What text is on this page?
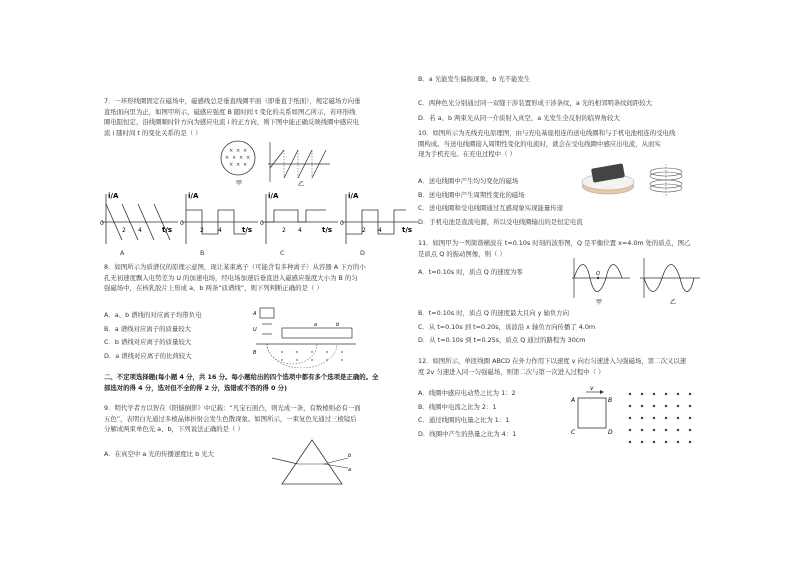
7．一环形线圈固定在磁场中，磁感线总是垂直线圈平面（即垂直于纸面），规定磁场方向垂
直纸面向里为正，如图甲所示，磁感应强度 B 随时间 t 变化的关系如图乙所示，若环形线
圈电阻恒定，沿线圈顺时针方向为感应电流 i 的正方向，则下图中能正确反映线圈中感应电
流 i 随时间 t 的变化关系的是（ ）
× × ×
× × × ×
× × ×
甲	乙
i/A
0
2 4	t/s
i/A
0
2 4	t/s
i/A
0
2 4	t/s
i/A
0
2 4	t/s
A	B	C	D
8．如图所示为质谱仪的原理示意图，现让某束离子（可能含有多种离子）从容器 A 下方的小
孔无初速度飘入电势差为 U 的加速电场，经电场加速后垂直进入磁感应强度大小为 B 的匀
强磁场中，在核乳胶片上形成 a、b 两条“质谱线”，则下列判断正确的是（ ）
A．a、b 谱线的对应离子均带负电
B．a 谱线对应离子的质量较大
C．b 谱线对应离子的质量较大
D．a 谱线对应离子的比荷较大
A
U
a	b
B
二、不定项选择题(每小题 4 分，共 16 分。每小题给出的四个选项中都有多个选项是正确的。全
部选对的得 4 分，选对但不全的得 2 分，选错或不答的得 0 分)
9．明代学者方以智在《阳燧倒影》中记载：“凡宝石面凸，则光成一条，有数棱则必有一面
五色”，表明白光通过多棱晶体折射会发生色散现象。如图所示，一束复色光通过三棱镜后
分解成两束单色光 a、b，下列说法正确的是（ ）
A．在真空中 a 光的传播速度比 b 光大	b
a
B．a 光能发生偏振现象，b 光不能发生
C．两种色光分别通过同一双缝干涉装置形成干涉条纹，a 光的相邻明条纹间距较大
D．若 a、b 两束光从同一介质射入真空，a 光发生全反射的临界角较大
10．如图所示为无线充电原理图，由与充电基座相连的送电线圈和与手机电池相连的受电线
圈构成。当送电线圈接入周期性变化的电流时，就会在受电线圈中感应出电流，从而实
现为手机充电。在充电过程中（ ）
A．送电线圈中产生均匀变化的磁场
B．送电线圈中产生周期性变化的磁场
C．送电线圈和受电线圈通过互感现象实现能量传递
D．手机电池是直流电源，所以受电线圈输出的是恒定电流
11．如图甲为一列简谐横波在 t=0.10s 时刻的波形图，Q 是平衡位置 x=4.0m 处的质点，图乙
是质点 Q 的振动图像，则（ ）
A．t=0.10s 时，质点 Q 的速度为零
B．t=0.10s 时，质点 Q 的速度最大且向 y 轴负方向
C．从 t=0.10s 到 t=0.20s，该波沿 x 轴负方向传播了 4.0m
D．从 t=0.10s 到 t=0.25s，质点 Q 通过的路程为 30cm
Q
甲	乙
12．如图所示，单匝线圈 ABCD 在外力作用下以速度 v 向右匀速进入匀强磁场，第二次又以速
度 2v 匀速进入同一匀强磁场，则第二次与第一次进入过程中（ ）
A．线圈中感应电动势之比为 1：2
B．线圈中电流之比为 2：1
C．通过线圈的电量之比为 1：1
D．线圈中产生的热量之比为 4：1
A	B
C	D
v
